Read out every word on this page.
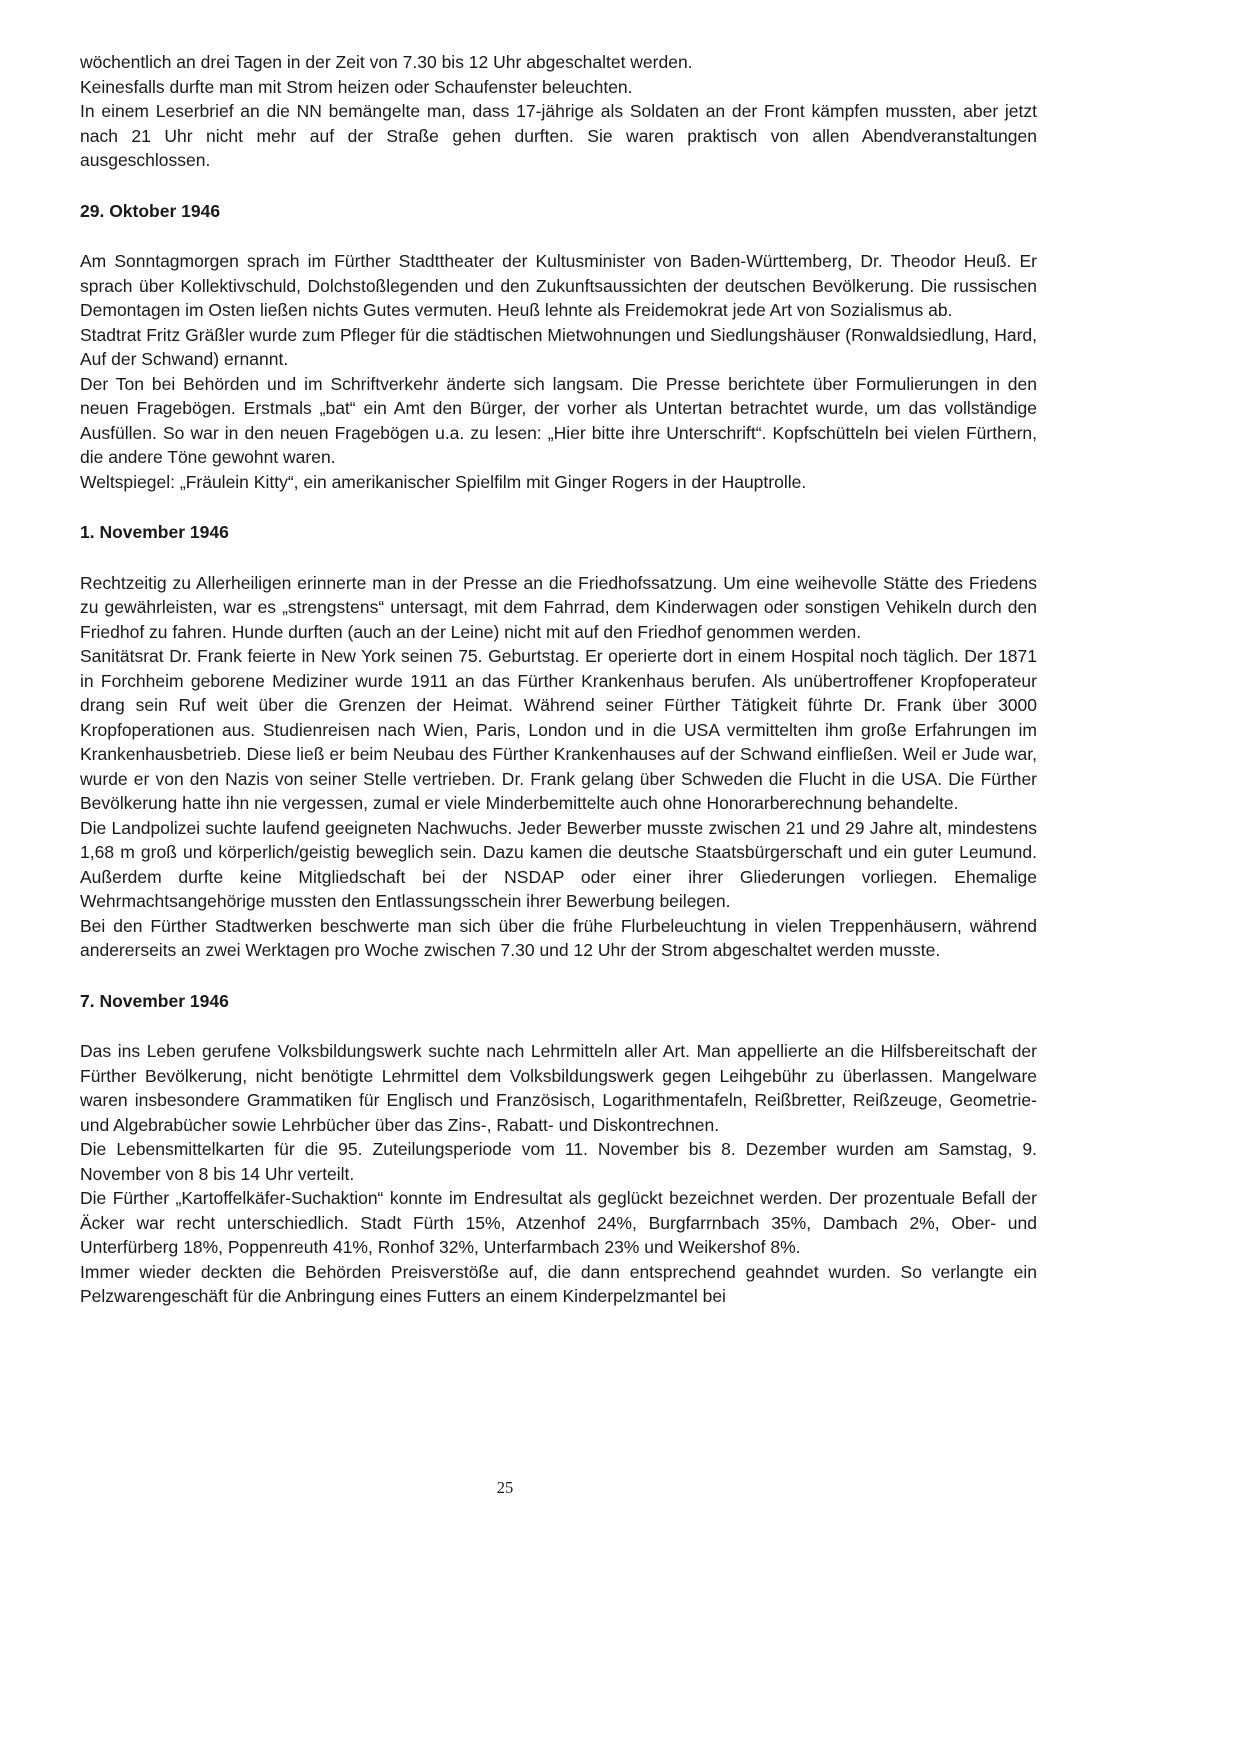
wöchentlich an drei Tagen in der Zeit von 7.30 bis 12 Uhr abgeschaltet werden.

Keinesfalls durfte man mit Strom heizen oder Schaufenster beleuchten.

In einem Leserbrief an die NN bemängelte man, dass 17-jährige als Soldaten an der Front kämpfen mussten, aber jetzt nach 21 Uhr nicht mehr auf der Straße gehen durften. Sie waren praktisch von allen Abendveranstaltungen ausgeschlossen.

29. Oktober 1946

Am Sonntagmorgen sprach im Fürther Stadttheater der Kultusminister von Baden-Württemberg, Dr. Theodor Heuß. Er sprach über Kollektivschuld, Dolchstoßlegenden und den Zukunftsaussichten der deutschen Bevölkerung. Die russischen Demontagen im Osten ließen nichts Gutes vermuten. Heuß lehnte als Freidemokrat jede Art von Sozialismus ab.

Stadtrat Fritz Gräßler wurde zum Pfleger für die städtischen Mietwohnungen und Siedlungshäuser (Ronwaldsiedlung, Hard, Auf der Schwand) ernannt.

Der Ton bei Behörden und im Schriftverkehr änderte sich langsam. Die Presse berichtete über Formulierungen in den neuen Fragebögen. Erstmals „bat“ ein Amt den Bürger, der vorher als Untertan betrachtet wurde, um das vollständige Ausfüllen. So war in den neuen Fragebögen u.a. zu lesen: „Hier bitte ihre Unterschrift“. Kopfschütteln bei vielen Fürthern, die andere Töne gewohnt waren.

Weltspiegel: „Fräulein Kitty“, ein amerikanischer Spielfilm mit Ginger Rogers in der Hauptrolle.

1. November 1946

Rechtzeitig zu Allerheiligen erinnerte man in der Presse an die Friedhofssatzung. Um eine weihevolle Stätte des Friedens zu gewährleisten, war es „strengstens“ untersagt, mit dem Fahrrad, dem Kinderwagen oder sonstigen Vehikeln durch den Friedhof zu fahren. Hunde durften (auch an der Leine) nicht mit auf den Friedhof genommen werden.

Sanitätsrat Dr. Frank feierte in New York seinen 75. Geburtstag. Er operierte dort in einem Hospital noch täglich. Der 1871 in Forchheim geborene Mediziner wurde 1911 an das Fürther Krankenhaus berufen. Als unübertroffener Kropfoperateur drang sein Ruf weit über die Grenzen der Heimat. Während seiner Fürther Tätigkeit führte Dr. Frank über 3000 Kropfoperationen aus. Studienreisen nach Wien, Paris, London und in die USA vermittelten ihm große Erfahrungen im Krankenhausbetrieb. Diese ließ er beim Neubau des Fürther Krankenhauses auf der Schwand einfließen. Weil er Jude war, wurde er von den Nazis von seiner Stelle vertrieben. Dr. Frank gelang über Schweden die Flucht in die USA. Die Fürther Bevölkerung hatte ihn nie vergessen, zumal er viele Minderbemittelte auch ohne Honorarberechnung behandelte.

Die Landpolizei suchte laufend geeigneten Nachwuchs. Jeder Bewerber musste zwischen 21 und 29 Jahre alt, mindestens 1,68 m groß und körperlich/geistig beweglich sein. Dazu kamen die deutsche Staatsbürgerschaft und ein guter Leumund. Außerdem durfte keine Mitgliedschaft bei der NSDAP oder einer ihrer Gliederungen vorliegen. Ehemalige Wehrmachtsangehörige mussten den Entlassungsschein ihrer Bewerbung beilegen.

Bei den Fürther Stadtwerken beschwerte man sich über die frühe Flurbeleuchtung in vielen Treppenhäusern, während andererseits an zwei Werktagen pro Woche zwischen 7.30 und 12 Uhr der Strom abgeschaltet werden musste.

7. November 1946

Das ins Leben gerufene Volksbildungswerk suchte nach Lehrmitteln aller Art. Man appellierte an die Hilfsbereitschaft der Fürther Bevölkerung, nicht benötigte Lehrmittel dem Volksbildungswerk gegen Leihgebühr zu überlassen. Mangelware waren insbesondere Grammatiken für Englisch und Französisch, Logarithmentafeln, Reißbretter, Reißzeuge, Geometrie- und Algebrabücher sowie Lehrbücher über das Zins-, Rabatt- und Diskontrechnen.

Die Lebensmittelkarten für die 95. Zuteilungsperiode vom 11. November bis 8. Dezember wurden am Samstag, 9. November von 8 bis 14 Uhr verteilt.

Die Fürther „Kartoffelkäfer-Suchaktion“ konnte im Endresultat als geglückt bezeichnet werden. Der prozentuale Befall der Äcker war recht unterschiedlich. Stadt Fürth 15%, Atzenhof 24%, Burgfarrnbach 35%, Dambach 2%, Ober- und Unterfürberg 18%, Poppenreuth 41%, Ronhof 32%, Unterfarmbach 23% und Weikershof 8%.

Immer wieder deckten die Behörden Preisverstöße auf, die dann entsprechend geahndet wurden. So verlangte ein Pelzwarengeschäft für die Anbringung eines Futters an einem Kinderpelzmantel bei

25
